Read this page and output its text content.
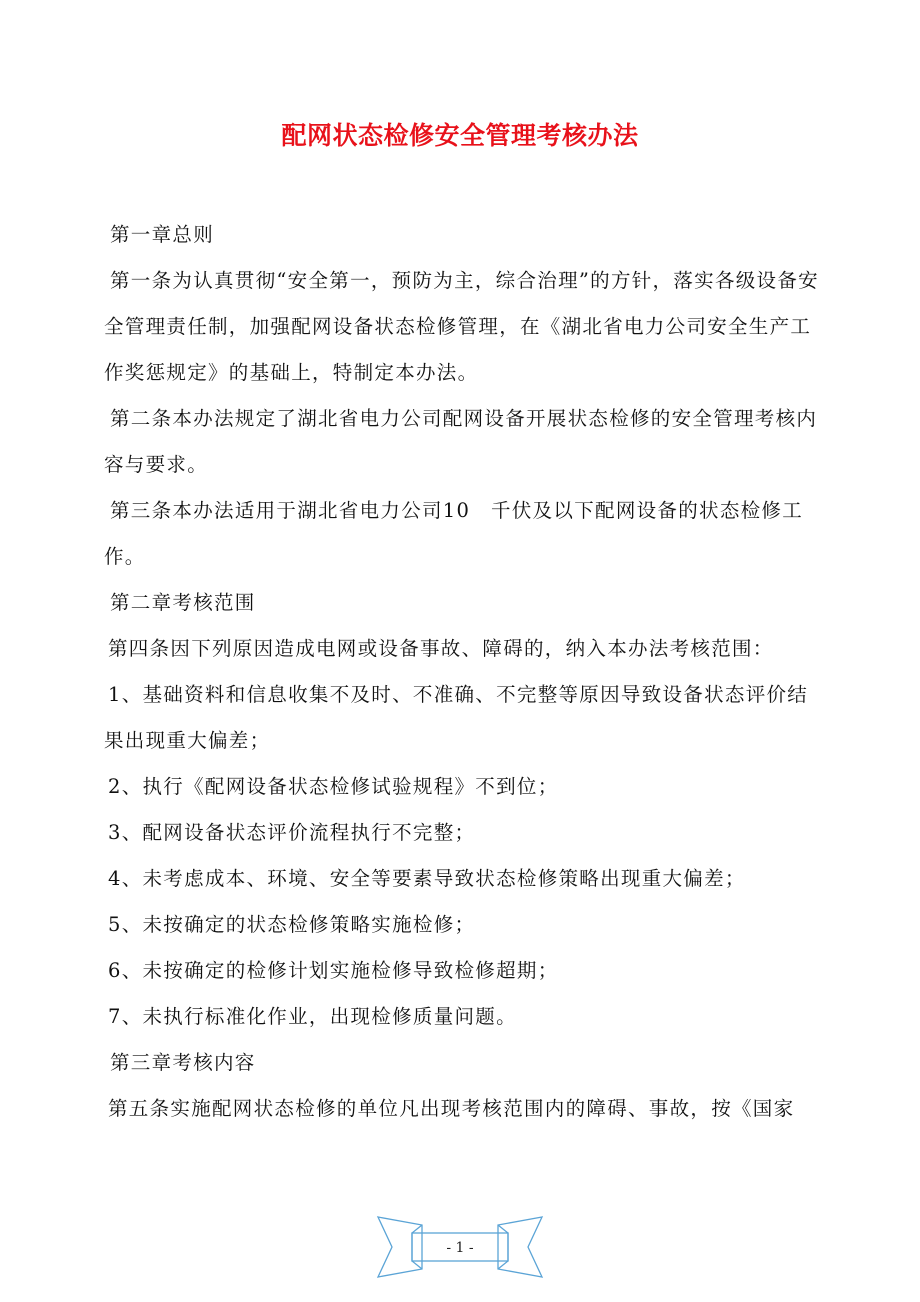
配网状态检修安全管理考核办法

第一章总则

第一条为认真贯彻“安全第一，预防为主，综合治理”的方针，落实各级设备安全管理责任制，加强配网设备状态检修管理，在《湖北省电力公司安全生产工作奖惩规定》的基础上，特制定本办法。

第二条本办法规定了湖北省电力公司配网设备开展状态检修的安全管理考核内容与要求。

第三条本办法适用于湖北省电力公司10　千伏及以下配网设备的状态检修工作。

第二章考核范围

第四条因下列原因造成电网或设备事故、障碍的，纳入本办法考核范围：

1、基础资料和信息收集不及时、不准确、不完整等原因导致设备状态评价结果出现重大偏差；

2、执行《配网设备状态检修试验规程》不到位；

3、配网设备状态评价流程执行不完整；

4、未考虑成本、环境、安全等要素导致状态检修策略出现重大偏差；

5、未按确定的状态检修策略实施检修；

6、未按确定的检修计划实施检修导致检修超期；

7、未执行标准化作业，出现检修质量问题。

第三章考核内容

第五条实施配网状态检修的单位凡出现考核范围内的障碍、事故，按《国家

- 1 -
